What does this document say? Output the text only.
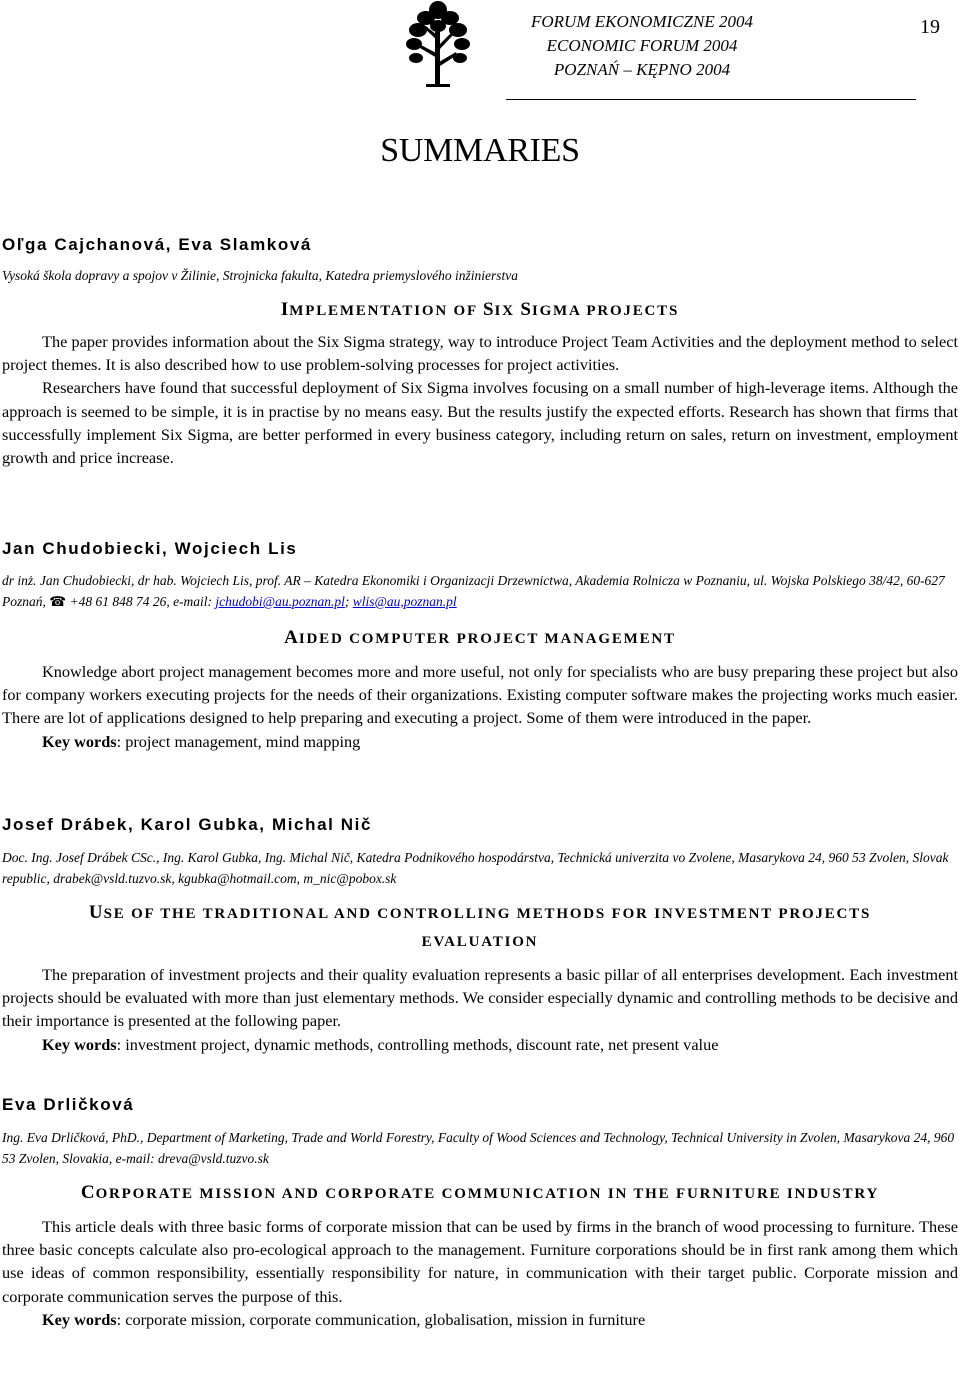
FORUM EKONOMICZNE 2004
ECONOMIC FORUM 2004
POZNAŃ – KĘPNO 2004
19
SUMMARIES
Oľga Cajchanová, Eva Slamková
Vysoká škola dopravy a spojov v Žilinie, Strojnicka fakulta, Katedra priemyslového inžinierstva
IMPLEMENTATION OF SIX SIGMA PROJECTS

The paper provides information about the Six Sigma strategy, way to introduce Project Team Activities and the deployment method to select project themes. It is also described how to use problem-solving processes for project activities.

Researchers have found that successful deployment of Six Sigma involves focusing on a small number of high-leverage items. Although the approach is seemed to be simple, it is in practise by no means easy. But the results justify the expected efforts. Research has shown that firms that successfully implement Six Sigma, are better performed in every business category, including return on sales, return on investment, employment growth and price increase.

Jan Chudobiecki, Wojciech Lis
dr inż. Jan Chudobiecki, dr hab. Wojciech Lis, prof. AR – Katedra Ekonomiki i Organizacji Drzewnictwa, Akademia Rolnicza w Poznaniu, ul. Wojska Polskiego 38/42, 60-627 Poznań, ☎ +48 61 848 74 26, e-mail: jchudobi@au.poznan.pl; wlis@au,poznan.pl
AIDED COMPUTER PROJECT MANAGEMENT

Knowledge abort project management becomes more and more useful, not only for specialists who are busy preparing these project but also for company workers executing projects for the needs of their organizations. Existing computer software makes the projecting works much easier. There are lot of applications designed to help preparing and executing a project. Some of them were introduced in the paper.

Key words: project management, mind mapping

Josef Drábek, Karol Gubka, Michal Nič
Doc. Ing. Josef Drábek CSc., Ing. Karol Gubka, Ing. Michal Nič, Katedra Podnikového hospodárstva, Technická univerzita vo Zvolene, Masarykova 24, 960 53 Zvolen, Slovak republic, drabek@vsld.tuzvo.sk, kgubka@hotmail.com, m_nic@pobox.sk
USE OF THE TRADITIONAL AND CONTROLLING METHODS FOR INVESTMENT PROJECTS EVALUATION

The preparation of investment projects and their quality evaluation represents a basic pillar of all enterprises development. Each investment projects should be evaluated with more than just elementary methods. We consider especially dynamic and controlling methods to be decisive and their importance is presented at the following paper.

Key words: investment project, dynamic methods, controlling methods, discount rate, net present value

Eva Drličková
Ing. Eva Drličková, PhD., Department of Marketing, Trade and World Forestry, Faculty of Wood Sciences and Technology, Technical University in Zvolen, Masarykova 24, 960 53 Zvolen, Slovakia, e-mail: dreva@vsld.tuzvo.sk
CORPORATE MISSION AND CORPORATE COMMUNICATION IN THE FURNITURE INDUSTRY

This article deals with three basic forms of corporate mission that can be used by firms in the branch of wood processing to furniture. These three basic concepts calculate also pro-ecological approach to the management. Furniture corporations should be in first rank among them which use ideas of common responsibility, essentially responsibility for nature, in communication with their target public. Corporate mission and corporate communication serves the purpose of this.

Key words: corporate mission, corporate communication, globalisation, mission in furniture
